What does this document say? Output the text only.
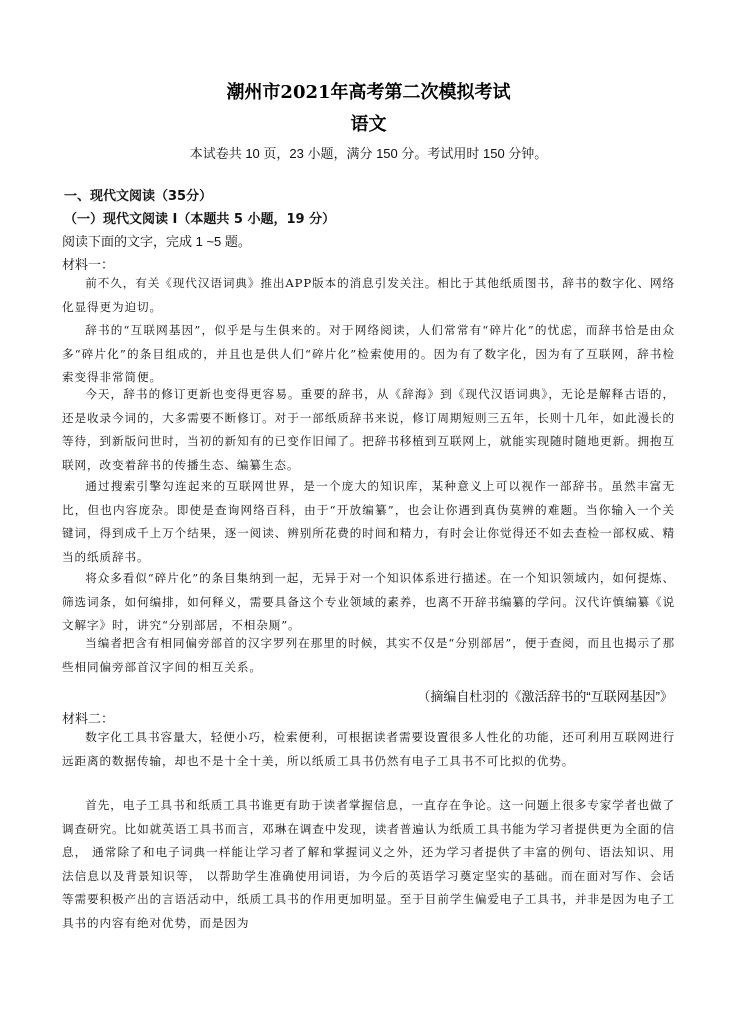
潮州市2021年高考第二次模拟考试
语文
本试卷共 10 页，23 小题，满分 150 分。考试用时 150 分钟。
一、现代文阅读（35分）
（一）现代文阅读 I（本题共 5 小题，19 分）
阅读下面的文字，完成 1 ~5 题。
材料一：

前不久，有关《现代汉语词典》推出APP版本的消息引发关注。相比于其他纸质图书，辞书的数字化、网络化显得更为迫切。

辞书的“互联网基因”，似乎是与生俱来的。对于网络阅读，人们常常有“碎片化”的忧虑，而辞书恰是由众多“碎片化”的条目组成的，并且也是供人们“碎片化”检索使用的。因为有了数字化，因为有了互联网，辞书检索变得非常简便。

今天，辞书的修订更新也变得更容易。重要的辞书，从《辞海》到《现代汉语词典》，无论是解释古语的，还是收录今词的，大多需要不断修订。对于一部纸质辞书来说，修订周期短则三五年，长则十几年，如此漫长的等待，到新版问世时，当初的新知有的已变作旧闻了。把辞书移植到互联网上，就能实现随时随地更新。拥抱互联网，改变着辞书的传播生态、编纂生态。

通过搜索引擎勾连起来的互联网世界，是一个庞大的知识库，某种意义上可以视作一部辞书。虽然丰富无比，但也内容庞杂。即使是查询网络百科，由于“开放编纂”，也会让你遇到真伪莫辨的难题。当你输入一个关键词，得到成千上万个结果，逐一阅读、辨别所花费的时间和精力，有时会让你觉得还不如去查检一部权威、精当的纸质辞书。

将众多看似“碎片化”的条目集纳到一起，无异于对一个知识体系进行描述。在一个知识领域内，如何提炼、筛选词条，如何编排，如何释义，需要具备这个专业领域的素养，也离不开辞书编纂的学问。汉代许慎编纂《说文解字》时，讲究“分别部居，不相杂厕”。

当编者把含有相同偏旁部首的汉字罗列在那里的时候，其实不仅是“分别部居”，便于查阅，而且也揭示了那些相同偏旁部首汉字间的相互关系。

（摘编自杜羽的《激活辞书的“互联网基因”》
材料二：

数字化工具书容量大，轻便小巧，检索便利，可根据读者需要设置很多人性化的功能，还可利用互联网进行远距离的数据传输，却也不是十全十美，所以纸质工具书仍然有电子工具书不可比拟的优势。

首先，电子工具书和纸质工具书谁更有助于读者掌握信息，一直存在争论。这一问题上很多专家学者也做了调查研究。比如就英语工具书而言，邓琳在调查中发现，读者普遍认为纸质工具书能为学习者提供更为全面的信息， 通常除了和电子词典一样能让学习者了解和掌握词义之外，还为学习者提供了丰富的例句、语法知识、用法信息以及背景知识等， 以帮助学生准确使用词语，为今后的英语学习奠定坚实的基础。而在面对写作、会话等需要积极产出的言语活动中，纸质工具书的作用更加明显。至于目前学生偏爱电子工具书，并非是因为电子工具书的内容有绝对优势，而是因为
